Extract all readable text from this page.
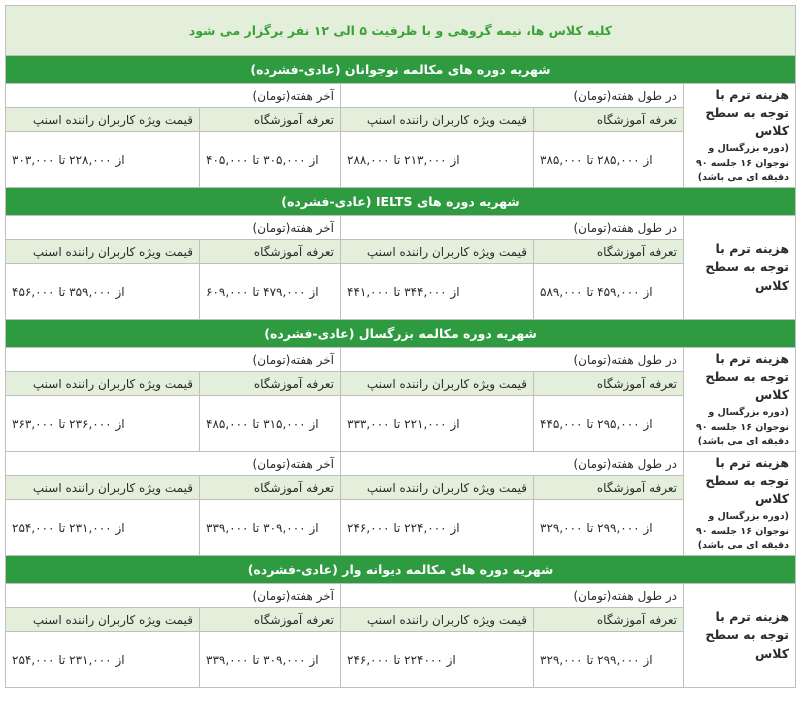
کلیه کلاس ها، نیمه گروهی و با ظرفیت ۵ الی ۱۲ نفر برگزار می شود				
شهریه دوره های مکالمه نوجوانان (عادی-فشرده)				

هزینه ترم با توجه به سطح کلاس
(دوره بزرگسال و نوجوان ۱۶ جلسه ۹۰ دقیقه ای می باشد)	در طول هفته(تومان)		آخر هفته(تومان)	
	تعرفه آموزشگاه	قیمت ویژه کاربران راننده اسنپ	تعرفه آموزشگاه	قیمت ویژه کاربران راننده اسنپ
	از ۲۸۵,۰۰۰ تا ۳۸۵,۰۰۰	از ۲۱۳,۰۰۰ تا ۲۸۸,۰۰۰	از ۳۰۵,۰۰۰ تا ۴۰۵,۰۰۰	از ۲۲۸,۰۰۰ تا ۳۰۳,۰۰۰
شهریه دوره های IELTS (عادی-فشرده)				

هزینه ترم با توجه به سطح کلاس	در طول هفته(تومان)		آخر هفته(تومان)	
	تعرفه آموزشگاه	قیمت ویژه کاربران راننده اسنپ	تعرفه آموزشگاه	قیمت ویژه کاربران راننده اسنپ
	از ۴۵۹,۰۰۰ تا ۵۸۹,۰۰۰	از ۳۴۴,۰۰۰ تا ۴۴۱,۰۰۰	از ۴۷۹,۰۰۰ تا ۶۰۹,۰۰۰	از ۳۵۹,۰۰۰ تا ۴۵۶,۰۰۰
شهریه دوره مکالمه بزرگسال (عادی-فشرده)				

هزینه ترم با توجه به سطح کلاس
(دوره بزرگسال و نوجوان ۱۶ جلسه ۹۰ دقیقه ای می باشد)	در طول هفته(تومان)		آخر هفته(تومان)	
	تعرفه آموزشگاه	قیمت ویژه کاربران راننده اسنپ	تعرفه آموزشگاه	قیمت ویژه کاربران راننده اسنپ
	از ۲۹۵,۰۰۰ تا ۴۴۵,۰۰۰	از ۲۲۱,۰۰۰ تا ۳۳۳,۰۰۰	از ۳۱۵,۰۰۰ تا ۴۸۵,۰۰۰	از ۲۳۶,۰۰۰ تا ۳۶۳,۰۰۰

هزینه ترم با توجه به سطح کلاس
(دوره بزرگسال و نوجوان ۱۶ جلسه ۹۰ دقیقه ای می باشد)	در طول هفته(تومان)		آخر هفته(تومان)	
	تعرفه آموزشگاه	قیمت ویژه کاربران راننده اسنپ	تعرفه آموزشگاه	قیمت ویژه کاربران راننده اسنپ
	از ۲۹۹,۰۰۰ تا ۳۲۹,۰۰۰	از ۲۲۴,۰۰۰ تا ۲۴۶,۰۰۰	از ۳۰۹,۰۰۰ تا ۳۳۹,۰۰۰	از ۲۳۱,۰۰۰ تا ۲۵۴,۰۰۰
شهریه دوره های مکالمه دیوانه وار (عادی-فشرده)				

هزینه ترم با توجه به سطح کلاس	در طول هفته(تومان)		آخر هفته(تومان)	
	تعرفه آموزشگاه	قیمت ویژه کاربران راننده اسنپ	تعرفه آموزشگاه	قیمت ویژه کاربران راننده اسنپ
	از ۲۹۹,۰۰۰ تا ۳۲۹,۰۰۰	از ۲۲۴۰۰۰ تا ۲۴۶,۰۰۰	از ۳۰۹,۰۰۰ تا ۳۳۹,۰۰۰	از ۲۳۱,۰۰۰ تا ۲۵۴,۰۰۰
